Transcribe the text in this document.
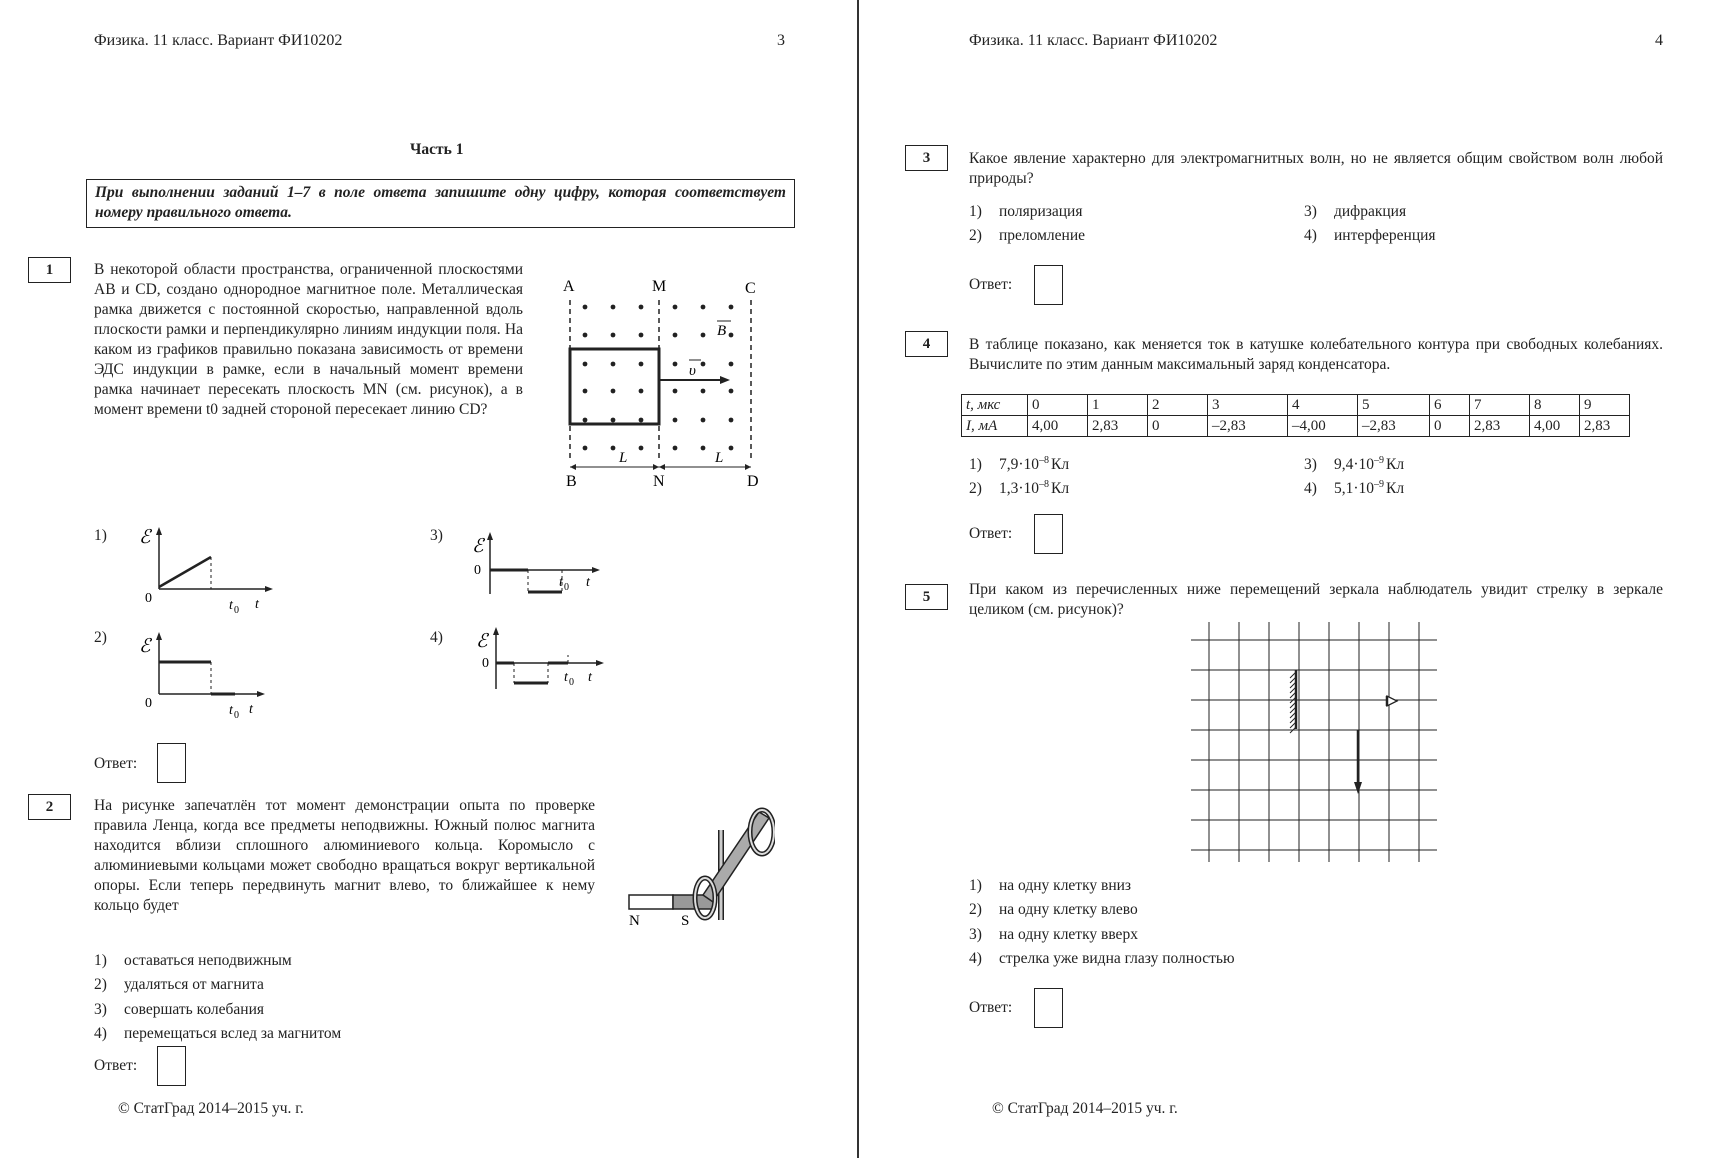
Физика. 11 класс. Вариант ФИ10202	3
Часть 1
При выполнении заданий 1–7 в поле ответа запишите одну цифру, которая соответствует номеру правильного ответа.
1	В некоторой области пространства, ограниченной плоскостями AB и CD, создано однородное магнитное поле. Металлическая рамка движется с постоянной скоростью, направленной вдоль плоскости рамки и перпендикулярно линиям индукции поля. На каком из графиков правильно показана зависимость от времени ЭДС индукции в рамке, если в начальный момент времени рамка начинает пересекать плоскость MN (см. рисунок), а в момент времени t0 задней стороной пересекает линию CD?
υ
B
A	M	C
B	N	D
L	L
1)	3)
2)	4)
ℰ
0	t 0 t
ℰ
0
t 0 t
ℰ
0	t 0 t
ℰ
0
t 0 t
Ответ:
2	На рисунке запечатлён тот момент демонстрации опыта по проверке правила Ленца, когда все предметы неподвижны. Южный полюс магнита находится вблизи сплошного алюминиевого кольца. Коромысло с алюминиевыми кольцами может свободно вращаться вокруг вертикальной опоры. Если теперь передвинуть магнит влево, то ближайшее к нему кольцо будет
N	S
1) оставаться неподвижным
2) удаляться от магнита
3) совершать колебания
4) перемещаться вслед за магнитом
Ответ:
© СтатГрад 2014–2015 уч. г.
Физика. 11 класс. Вариант ФИ10202	4
3	Какое явление характерно для электромагнитных волн, но не является общим свойством волн любой природы?
1) поляризация
2) преломление
3) дифракция
4) интерференция
Ответ:
4	В таблице показано, как меняется ток в катушке колебательного контура при свободных колебаниях. Вычислите по этим данным максимальный заряд конденсатора.
t, мкс	0	1	2	3	4	5	6	7	8	9
I, мА	4,00	2,83	0	–2,83	–4,00	–2,83	0	2,83	4,00	2,83
1) $7,9\cdot 10^{-8}$ Кл
2) $1,3\cdot 10^{-8}$ Кл
3) $9,4\cdot 10^{-9}$ Кл
4) $5,1\cdot 10^{-9}$ Кл
Ответ:
5	При каком из перечисленных ниже перемещений зеркала наблюдатель увидит стрелку в зеркале целиком (см. рисунок)?
1) на одну клетку вниз
2) на одну клетку влево
3) на одну клетку вверх
4) стрелка уже видна глазу полностью
Ответ:
© СтатГрад 2014–2015 уч. г.
